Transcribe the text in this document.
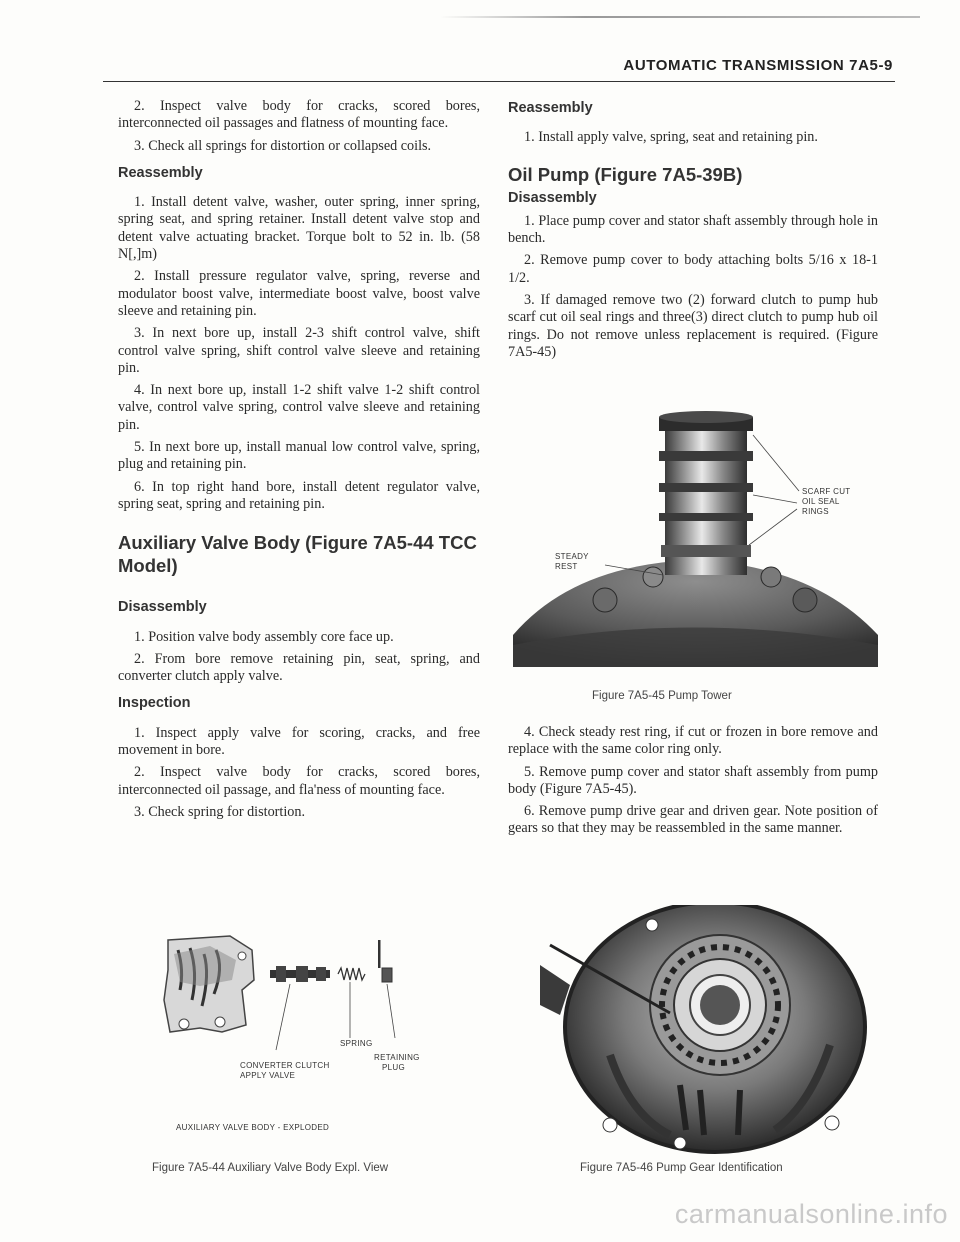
AUTOMATIC TRANSMISSION 7A5-9

2. Inspect valve body for cracks, scored bores, interconnected oil passages and flatness of mounting face.

3. Check all springs for distortion or collapsed coils.

Reassembly

1. Install detent valve, washer, outer spring, inner spring, spring seat, and spring retainer. Install detent valve stop and detent valve actuating bracket. Torque bolt to 52 in. lb. (58 N[,]m)

2. Install pressure regulator valve, spring, reverse and modulator boost valve, intermediate boost valve, boost valve sleeve and retaining pin.

3. In next bore up, install 2-3 shift control valve, shift control valve spring, shift control valve sleeve and retaining pin.

4. In next bore up, install 1-2 shift valve 1-2 shift control valve, control valve spring, control valve sleeve and retaining pin.

5. In next bore up, install manual low control valve, spring, plug and retaining pin.

6. In top right hand bore, install detent regulator valve, spring seat, spring and retaining pin.

Auxiliary Valve Body (Figure 7A5-44 TCC Model)
Disassembly

1. Position valve body assembly core face up.

2. From bore remove retaining pin, seat, spring, and converter clutch apply valve.

Inspection

1. Inspect apply valve for scoring, cracks, and free movement in bore.

2. Inspect valve body for cracks, scored bores, interconnected oil passage, and fla'ness of mounting face.

3. Check spring for distortion.

Reassembly

1. Install apply valve, spring, seat and retaining pin.

Oil Pump (Figure 7A5-39B)
Disassembly

1. Place pump cover and stator shaft assembly through hole in bench.

2. Remove pump cover to body attaching bolts 5/16 x 18-1 1/2.

3. If damaged remove two (2) forward clutch to pump hub scarf cut oil seal rings and three(3) direct clutch to pump hub oil rings. Do not remove unless replacement is required. (Figure 7A5-45)

SCARF CUT
OIL SEAL
RINGS
STEADY
REST
Figure 7A5-45 Pump Tower

4. Check steady rest ring, if cut or frozen in bore remove and replace with the same color ring only.

5. Remove pump cover and stator shaft assembly from pump body (Figure 7A5-45).

6. Remove pump drive gear and driven gear. Note position of gears so that they may be reassembled in the same manner.

SPRING
CONVERTER CLUTCH
APPLY VALVE
RETAINING
PLUG
AUXILIARY VALVE BODY - EXPLODED
Figure 7A5-44 Auxiliary Valve Body Expl. View	Figure 7A5-46 Pump Gear Identification
carmanualsonline.info
